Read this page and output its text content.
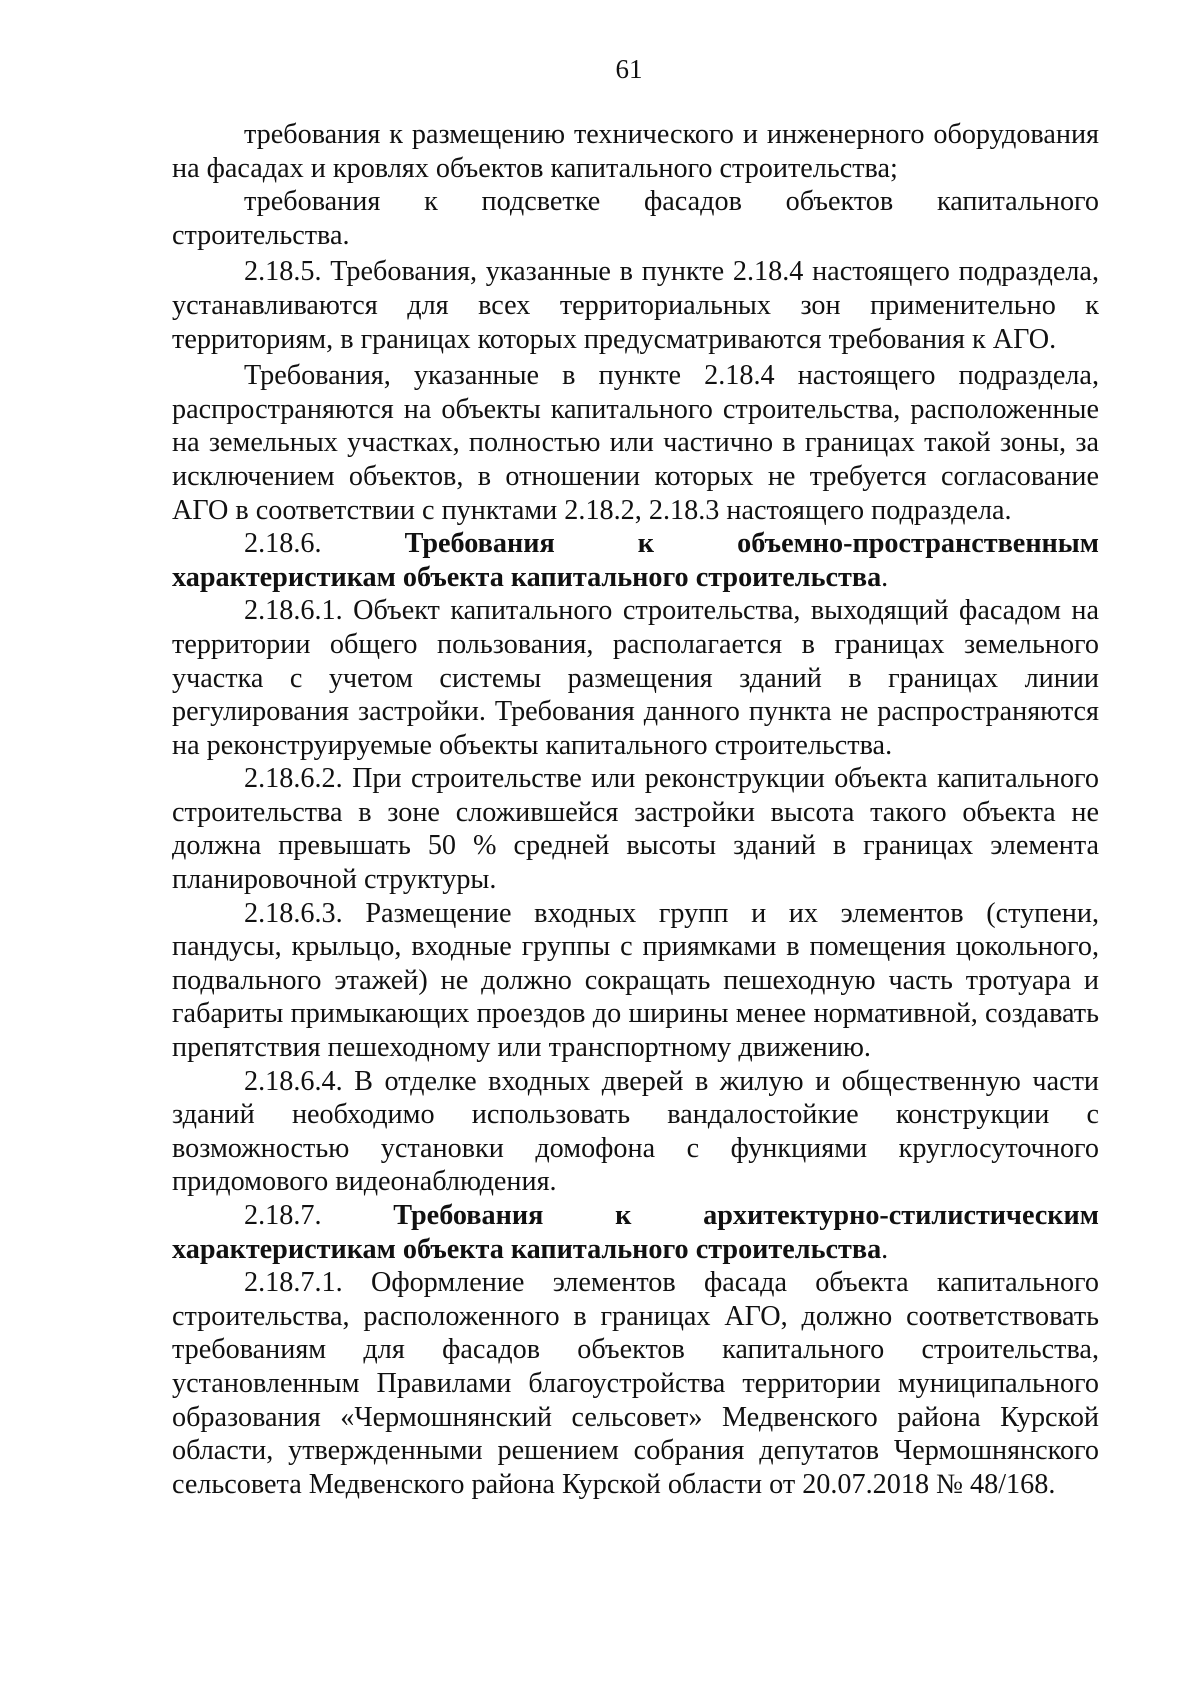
61

требования к размещению технического и инженерного оборудования на фасадах и кровлях объектов капитального строительства;

требования к подсветке фасадов объектов капитального строительства.

2.18.5. Требования, указанные в пункте 2.18.4 настоящего подраздела, устанавливаются для всех территориальных зон применительно к территориям, в границах которых предусматриваются требования к АГО.

Требования, указанные в пункте 2.18.4 настоящего подраздела, распространяются на объекты капитального строительства, расположенные на земельных участках, полностью или частично в границах такой зоны, за исключением объектов, в отношении которых не требуется согласование АГО в соответствии с пунктами 2.18.2, 2.18.3 настоящего подраздела.

2.18.6.	Требования к объемно-пространственным характеристикам объекта капитального строительства.

2.18.6.1. Объект капитального строительства, выходящий фасадом на территории общего пользования, располагается в границах земельного участка с учетом системы размещения зданий в границах линии регулирования застройки. Требования данного пункта не распространяются на реконструируемые объекты капитального строительства.

2.18.6.2. При строительстве или реконструкции объекта капитального строительства в зоне сложившейся застройки высота такого объекта не должна превышать 50 % средней высоты зданий в границах элемента планировочной структуры.

2.18.6.3. Размещение входных групп и их элементов (ступени, пандусы, крыльцо, входные группы с приямками в помещения цокольного, подвального этажей) не должно сокращать пешеходную часть тротуара и габариты примыкающих проездов до ширины менее нормативной, создавать препятствия пешеходному или транспортному движению.

2.18.6.4. В отделке входных дверей в жилую и общественную части зданий необходимо использовать вандалостойкие конструкции с возможностью установки домофона с функциями круглосуточного придомового видеонаблюдения.

2.18.7.	Требования к архитектурно-стилистическим характеристикам объекта капитального строительства.

2.18.7.1. Оформление элементов фасада объекта капитального строительства, расположенного в границах АГО, должно соответствовать требованиям для фасадов объектов капитального строительства, установленным Правилами благоустройства территории муниципального образования «Чермошнянский сельсовет» Медвенского района Курской области, утвержденными решением собрания депутатов Чермошнянского сельсовета Медвенского района Курской области от 20.07.2018 № 48/168.
